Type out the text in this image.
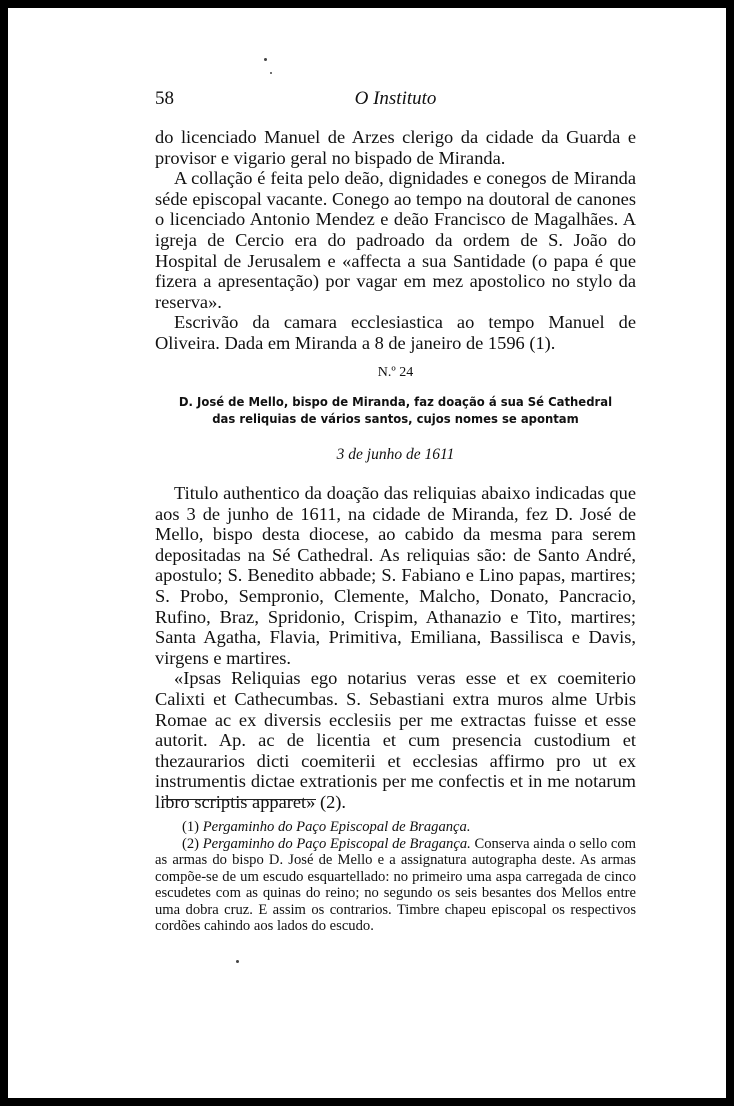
58	O Instituto

do licenciado Manuel de Arzes clerigo da cidade da Guarda e provisor e vigario geral no bispado de Miranda.

A collação é feita pelo deão, dignidades e conegos de Miranda séde episcopal vacante. Conego ao tempo na doutoral de canones o licenciado Antonio Mendez e deão Francisco de Magalhães. A igreja de Cercio era do padroado da ordem de S. João do Hospital de Jerusalem e «affecta a sua Santidade (o papa é que fizera a apresentação) por vagar em mez apostolico no stylo da reserva».

Escrivão da camara ecclesiastica ao tempo Manuel de Oliveira. Dada em Miranda a 8 de janeiro de 1596 (1).

N.º 24
D. José de Mello, bispo de Miranda, faz doação á sua Sé Cathedral
das reliquias de vários santos, cujos nomes se apontam
3 de junho de 1611

Titulo authentico da doação das reliquias abaixo indicadas que aos 3 de junho de 1611, na cidade de Miranda, fez D. José de Mello, bispo desta diocese, ao cabido da mesma para serem depositadas na Sé Cathedral. As reliquias são: de Santo André, apostulo; S. Benedito abbade; S. Fabiano e Lino papas, martires; S. Probo, Sempronio, Clemente, Malcho, Donato, Pancracio, Rufino, Braz, Spridonio, Crispim, Athanazio e Tito, martires; Santa Agatha, Flavia, Primitiva, Emiliana, Bassilisca e Davis, virgens e martires.

«Ipsas Reliquias ego notarius veras esse et ex coemiterio Calixti et Cathecumbas. S. Sebastiani extra muros alme Urbis Romae ac ex diversis ecclesiis per me extractas fuisse et esse autorit. Ap. ac de licentia et cum presencia custodium et thezaurarios dicti coemiterii et ecclesias affirmo pro ut ex instrumentis dictae extrationis per me confectis et in me notarum libro scriptis apparet» (2).

(1) Pergaminho do Paço Episcopal de Bragança.

(2) Pergaminho do Paço Episcopal de Bragança. Conserva ainda o sello com as armas do bispo D. José de Mello e a assignatura autographa deste. As armas compõe-se de um escudo esquartellado: no primeiro uma aspa carregada de cinco escudetes com as quinas do reino; no segundo os seis besantes dos Mellos entre uma dobra cruz. E assim os contrarios. Timbre chapeu episcopal os respectivos cordões cahindo aos lados do escudo.
